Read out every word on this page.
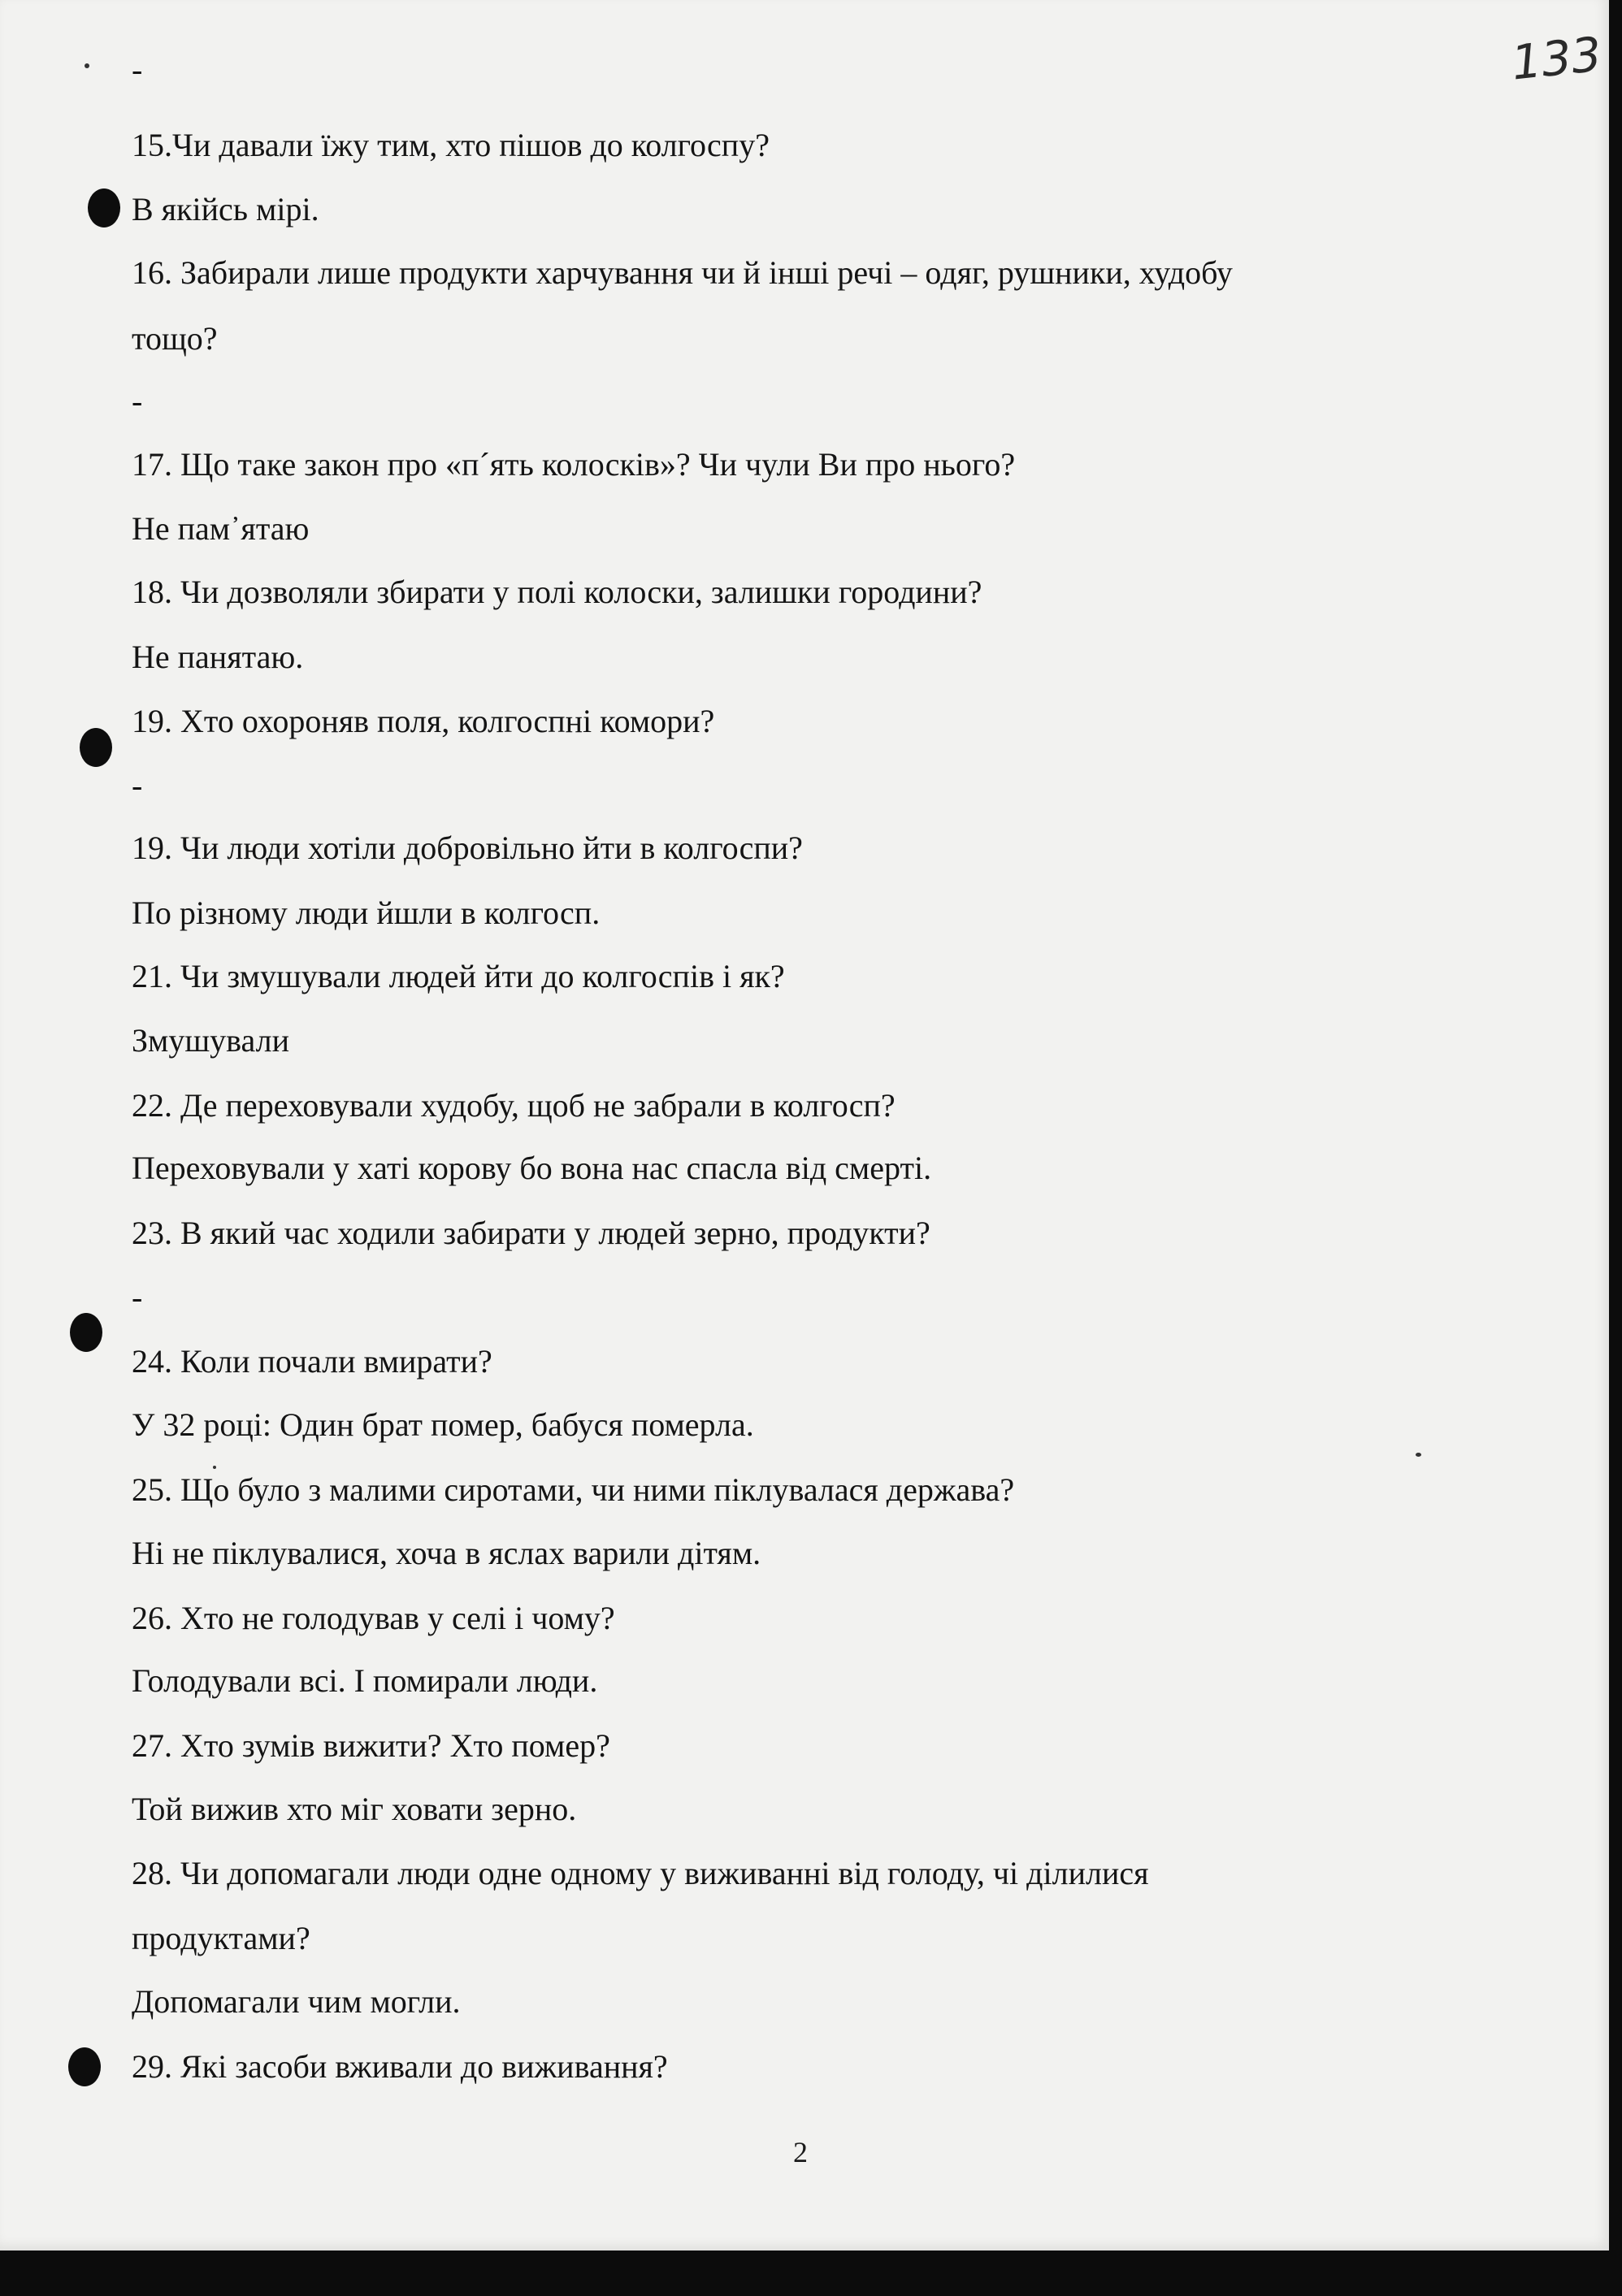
133
-
15.Чи давали їжу тим, хто пішов до колгоспу?
В якійсь мірі.
16. Забирали лише продукти харчування чи й інші речі – одяг, рушники, худобу
тощо?
-
17. Що таке закон про «п´ять колосків»? Чи чули Ви про нього?
Не пам᾽ятаю
18. Чи дозволяли збирати у полі колоски, залишки городини?
Не панятаю.
19. Хто охороняв поля, колгоспні комори?
-
19. Чи люди хотіли добровільно йти в колгоспи?
По різному люди йшли в колгосп.
21. Чи змушували людей йти до колгоспів і як?
Змушували
22. Де переховували худобу, щоб не забрали в колгосп?
Переховували у хаті корову бо вона нас спасла від смерті.
23. В який час ходили забирати у людей зерно, продукти?
-
24. Коли почали вмирати?
У 32 році: Один брат помер, бабуся померла.
25. Що було з малими сиротами, чи ними піклувалася держава?
Ні не піклувалися, хоча в яслах варили дітям.
26. Хто не голодував у селі і чому?
Голодували всі. І помирали люди.
27. Хто зумів вижити? Хто помер?
Той вижив хто міг ховати зерно.
28. Чи допомагали люди одне одному у виживанні від голоду, чі ділилися
продуктами?
Допомагали чим могли.
29. Які засоби вживали до виживання?
2
